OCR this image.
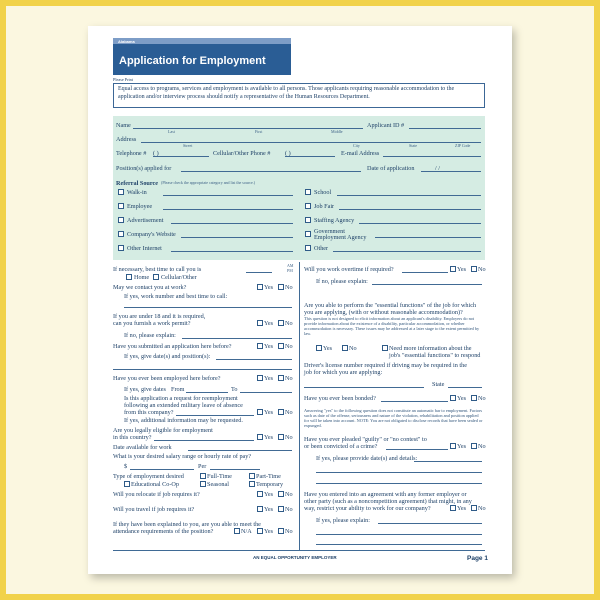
Alabama
Application for Employment
Please Print
Equal access to programs, services and employment is available to all persons. Those applicants requiring reasonable accommodation to the application and/or interview process should notify a representative of the Human Resources Department.
Name	Applicant ID #
Last	First	Middle
Address
Street	City	State	ZIP Code
Telephone # ( )	Cellular/Other Phone # ( )	E-mail Address
Position(s) applied for	Date of application	/ /
Referral Source (Please check the appropriate category and list the source.)
Walk-in
Employee
Advertisement
Company's Website
Other Internet
School
Job Fair
Staffing Agency
Government Employment Agency
Other
If necessary, best time to call you is
AM
PM
Home Cellular/Other
May we contact you at work?	Yes No
If yes, work number and best time to call:
If you are under 18 and it is required,
can you furnish a work permit?	Yes No
If no, please explain:
Have you submitted an application here before?	Yes No
If yes, give date(s) and position(s):
Have you ever been employed here before?	Yes No
If yes, give dates From	To
Is this application a request for reemployment
following an extended military leave of absence
from this company?	Yes No
If yes, additional information may be requested.
Are you legally eligible for employment
in this country?	Yes No
Date available for work
What is your desired salary range or hourly rate of pay?
$	Per
Type of employment desired	Full-Time	Part-Time
Educational Co-Op	Seasonal	Temporary
Will you relocate if job requires it?	Yes No
Will you travel if job requires it?	Yes No
If they have been explained to you, are you able to meet the
attendance requirements of the position?	N/A Yes No
Will you work overtime if required?	Yes No
If no, please explain:
Are you able to perform the "essential functions" of the job for which
you are applying, (with or without reasonable accommodation)?
This question is not designed to elicit information about an applicant's disability. Employers do not provide information about the existence of a disability, particular accommodation, or whether accommodation is necessary. These issues may be addressed at a later stage to the extent permitted by law.
Yes	No	Need more information about the
job's "essential functions" to respond
Driver's license number required if driving may be required in the
job for which you are applying:
State
Have you ever been bonded?	Yes No
Answering "yes" to the following question does not constitute an automatic bar to employment. Factors such as date of the offense, seriousness and nature of the violation, rehabilitation and position applied for will be taken into account. NOTE: You are not obligated to disclose records that have been sealed or expunged.
Have you ever pleaded "guilty" or "no contest" to
or been convicted of a crime?	Yes No
If yes, please provide date(s) and details:
Have you entered into an agreement with any former employer or
other party (such as a noncompetition agreement) that might, in any
way, restrict your ability to work for our company?	Yes No
If yes, please explain:
AN EQUAL OPPORTUNITY EMPLOYER	Page 1
